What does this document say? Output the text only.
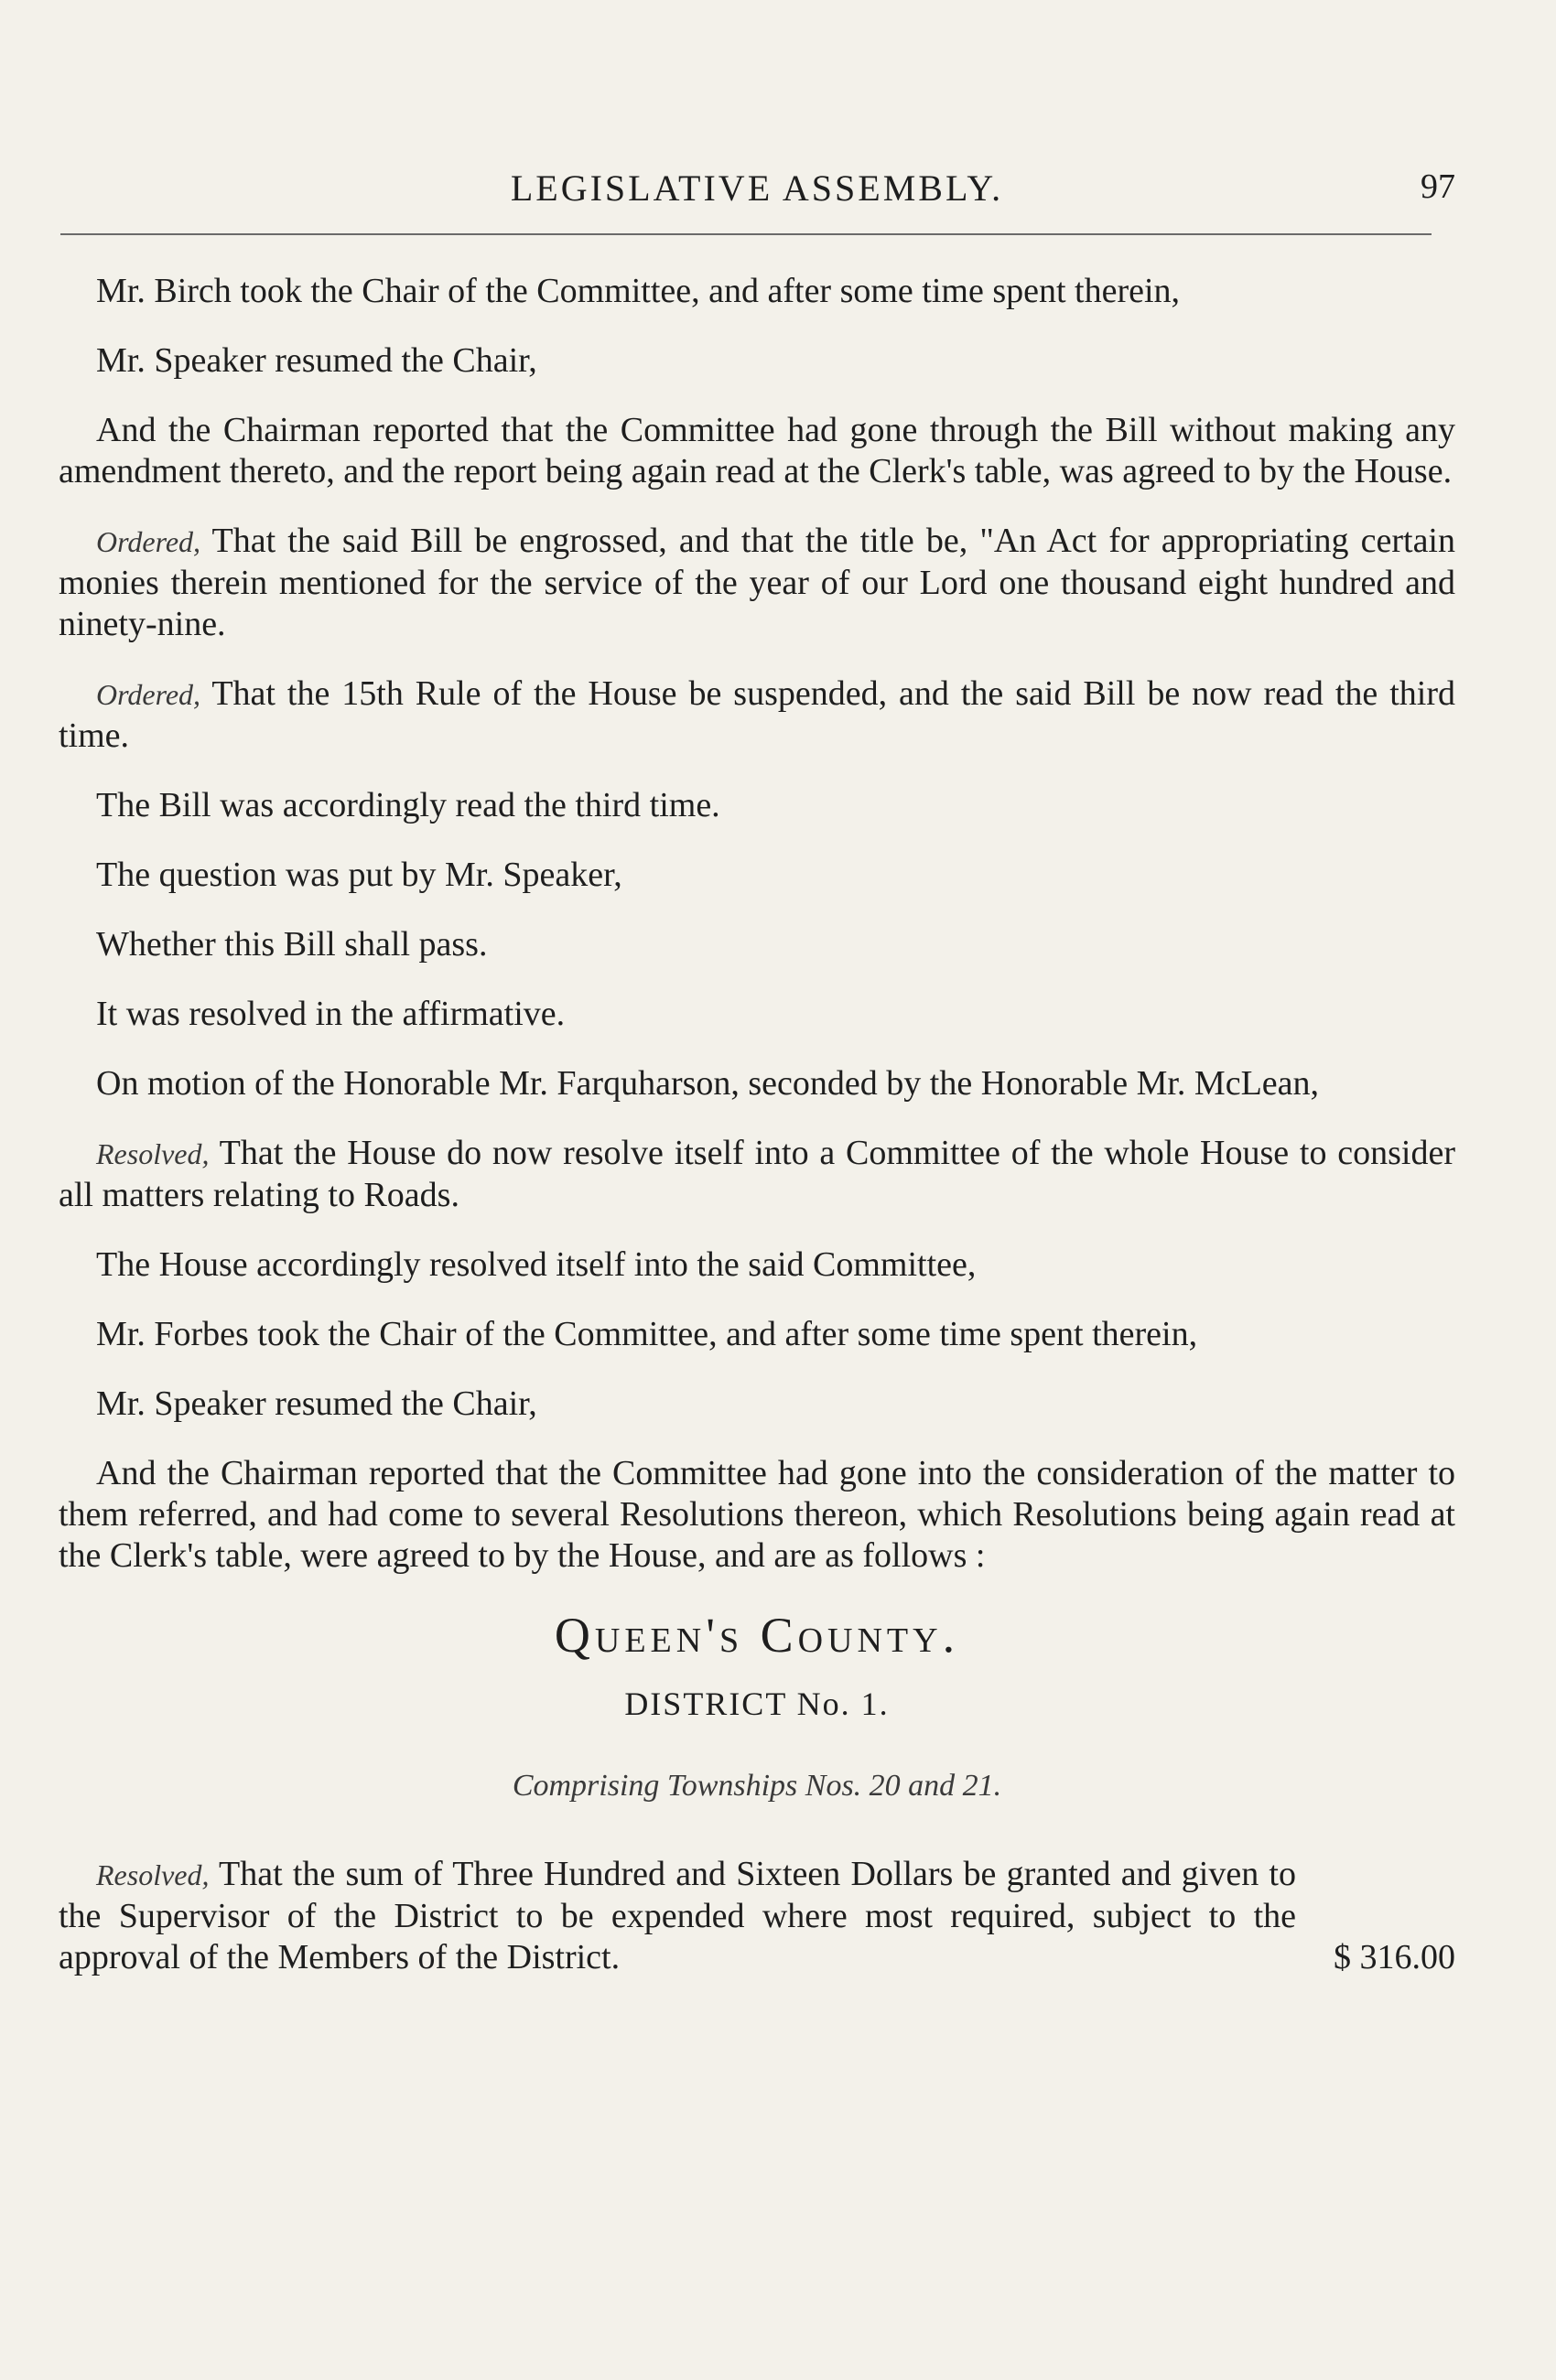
LEGISLATIVE ASSEMBLY.	97

Mr. Birch took the Chair of the Committee, and after some time spent therein,

Mr. Speaker resumed the Chair,

And the Chairman reported that the Committee had gone through the Bill without making any amendment thereto, and the report being again read at the Clerk's table, was agreed to by the House.

Ordered, That the said Bill be engrossed, and that the title be, "An Act for appropriating certain monies therein mentioned for the service of the year of our Lord one thousand eight hundred and ninety-nine.

Ordered, That the 15th Rule of the House be suspended, and the said Bill be now read the third time.

The Bill was accordingly read the third time.

The question was put by Mr. Speaker,

Whether this Bill shall pass.

It was resolved in the affirmative.

On motion of the Honorable Mr. Farquharson, seconded by the Honorable Mr. McLean,

Resolved, That the House do now resolve itself into a Committee of the whole House to consider all matters relating to Roads.

The House accordingly resolved itself into the said Committee,

Mr. Forbes took the Chair of the Committee, and after some time spent therein,

Mr. Speaker resumed the Chair,

And the Chairman reported that the Committee had gone into the consideration of the matter to them referred, and had come to several Resolutions thereon, which Resolutions being again read at the Clerk's table, were agreed to by the House, and are as follows :

Queen's County.
DISTRICT No. 1.
Comprising Townships Nos. 20 and 21.

Resolved, That the sum of Three Hundred and Sixteen Dollars be granted and given to the Supervisor of the District to be expended where most required, subject to the approval of the Members of the District.	$ 316.00
